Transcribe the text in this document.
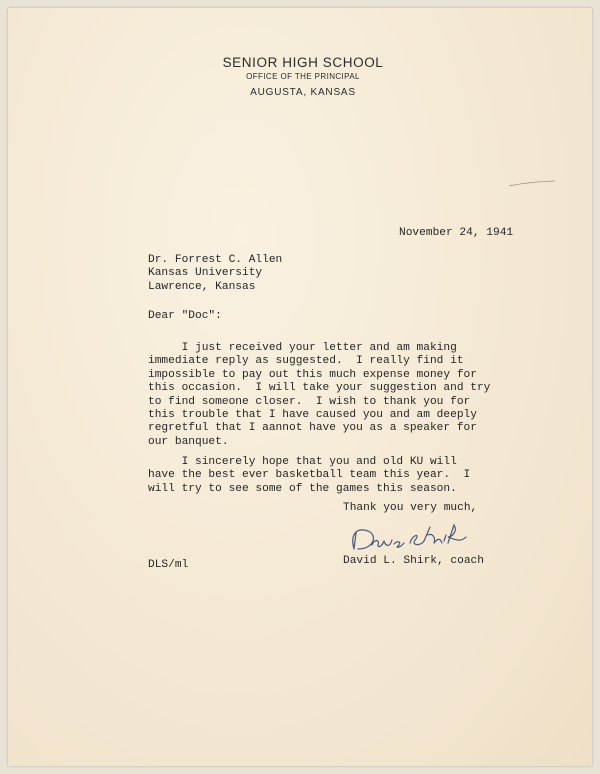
SENIOR HIGH SCHOOL
OFFICE OF THE PRINCIPAL
AUGUSTA, KANSAS
November 24, 1941
Dr. Forrest C. Allen
Kansas University
Lawrence, Kansas
Dear "Doc":
I just received your letter and am making
immediate reply as suggested.  I really find it
impossible to pay out this much expense money for
this occasion.  I will take your suggestion and try
to find someone closer.  I wish to thank you for
this trouble that I have caused you and am deeply
regretful that I aannot have you as a speaker for
our banquet.
I sincerely hope that you and old KU will
have the best ever basketball team this year.  I
will try to see some of the games this season.
Thank you very much,
David L. Shirk, coach
DLS/ml
